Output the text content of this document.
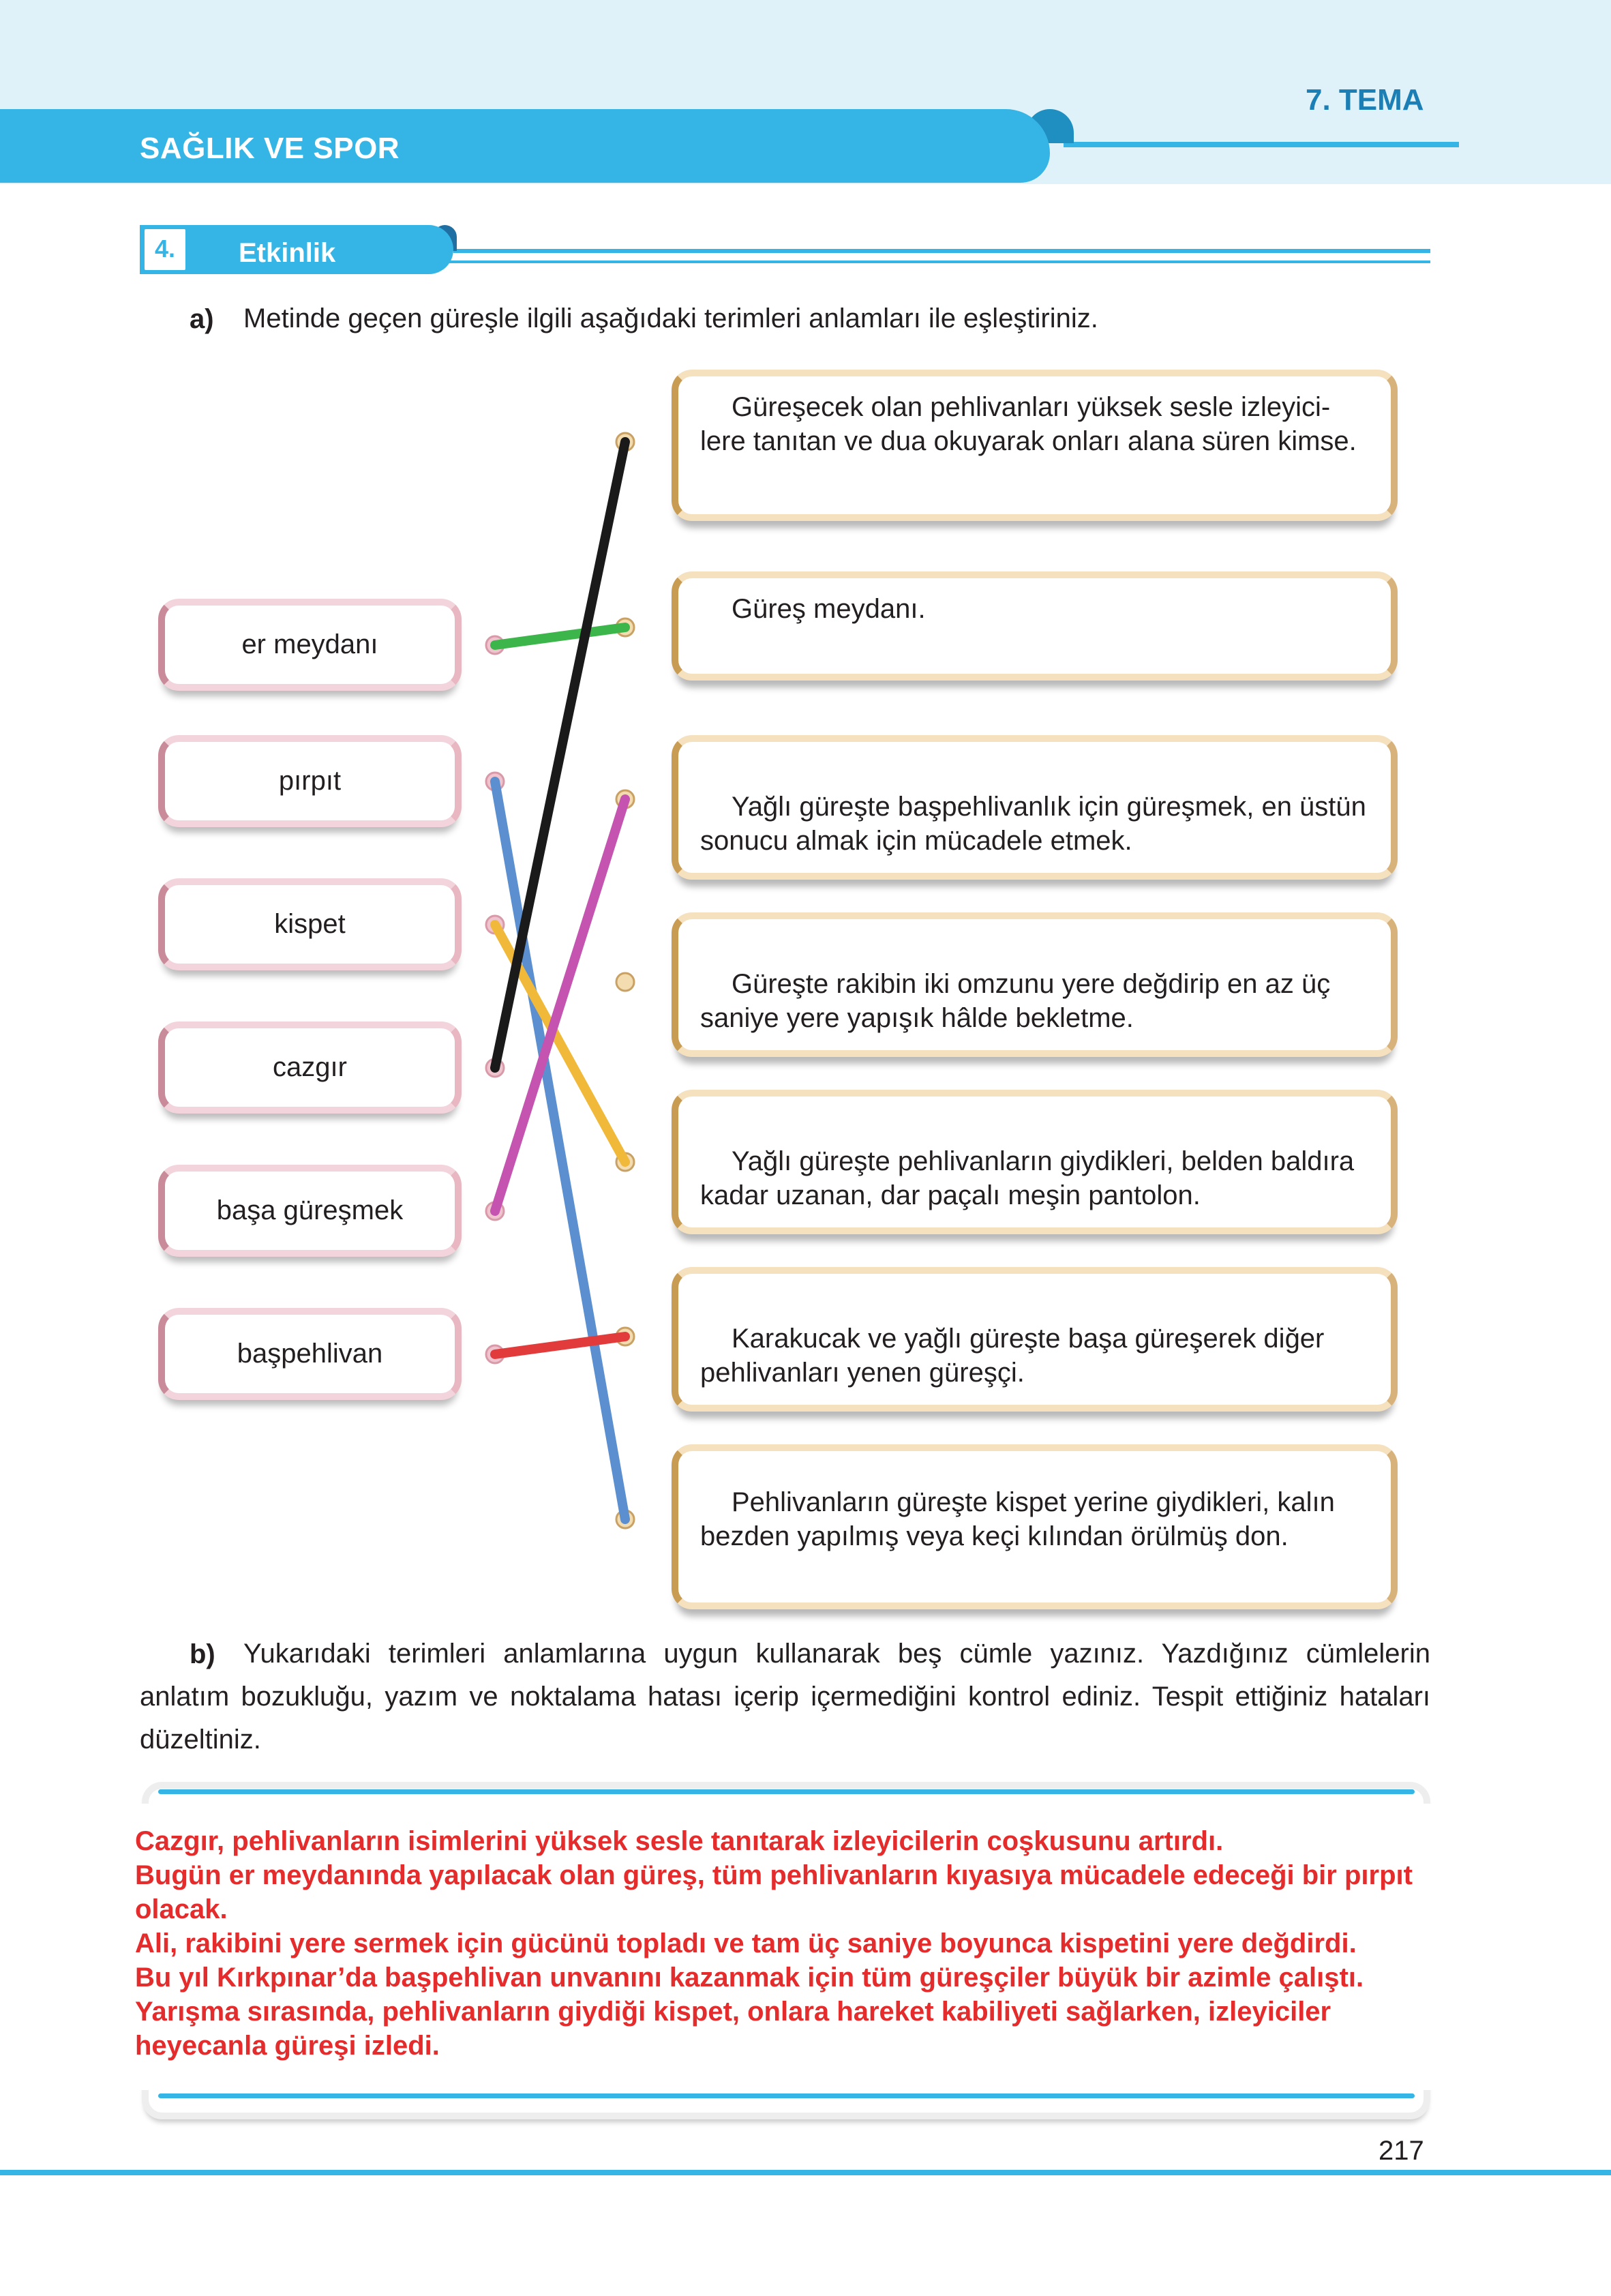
SAĞLIK VE SPOR
7. TEMA
4.	Etkinlik
a) Metinde geçen güreşle ilgili aşağıdaki terimleri anlamları ile eşleştiriniz.
er meydanı
pırpıt
kispet
cazgır
başa güreşmek
başpehlivan
Güreşecek olan pehlivanları yüksek sesle izleyici-lere tanıtan ve dua okuyarak onları alana süren kimse.
Güreş meydanı.
Yağlı güreşte başpehlivanlık için güreşmek, en üstün sonucu almak için mücadele etmek.
Güreşte rakibin iki omzunu yere değdirip en az üç saniye yere yapışık hâlde bekletme.
Yağlı güreşte pehlivanların giydikleri, belden baldıra kadar uzanan, dar paçalı meşin pantolon.
Karakucak ve yağlı güreşte başa güreşerek diğer pehlivanları yenen güreşçi.
Pehlivanların güreşte kispet yerine giydikleri, kalın bezden yapılmış veya keçi kılından örülmüş don.
b)	Yukarıdaki terimleri anlamlarına uygun kullanarak beş cümle yazınız. Yazdığınız cümlelerin anlatım bozukluğu, yazım ve noktalama hatası içerip içermediğini kontrol ediniz. Tespit ettiğiniz hataları düzeltiniz.
Cazgır, pehlivanların isimlerini yüksek sesle tanıtarak izleyicilerin coşkusunu artırdı.
Bugün er meydanında yapılacak olan güreş, tüm pehlivanların kıyasıya mücadele edeceği bir pırpıt olacak.
Ali, rakibini yere sermek için gücünü topladı ve tam üç saniye boyunca kispetini yere değdirdi.
Bu yıl Kırkpınar’da başpehlivan unvanını kazanmak için tüm güreşçiler büyük bir azimle çalıştı.
Yarışma sırasında, pehlivanların giydiği kispet, onlara hareket kabiliyeti sağlarken, izleyiciler heyecanla güreşi izledi.
217
